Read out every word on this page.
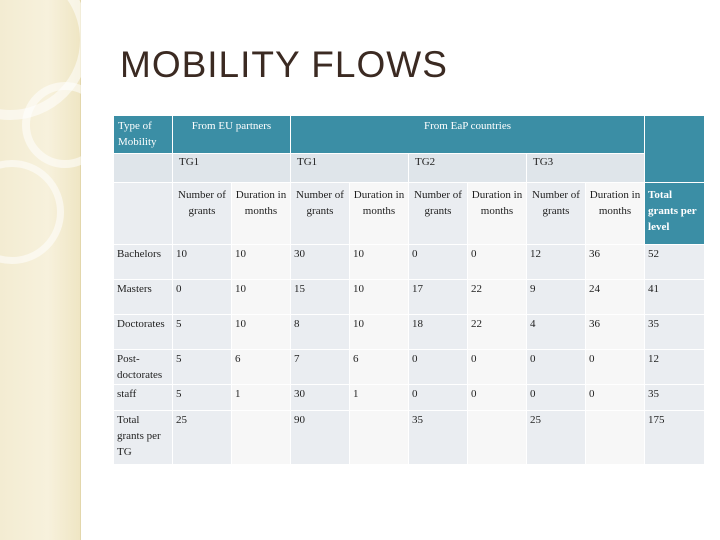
MOBILITY FLOWS
Type of Mobility	From EU partners		From EaP countries						
	TG1		TG1		TG2		TG3		
	Number of grants	Duration in months	Number of grants	Duration in months	Number of grants	Duration in months	Number of grants	Duration in months	Total grants per level
Bachelors	10	10	30	10	0	0	12	36	52
Masters	0	10	15	10	17	22	9	24	41
Doctorates	5	10	8	10	18	22	4	36	35
Post-doctorates	5	6	7	6	0	0	0	0	12
staff	5	1	30	1	0	0	0	0	35
Total grants per TG	25		90		35		25		175
